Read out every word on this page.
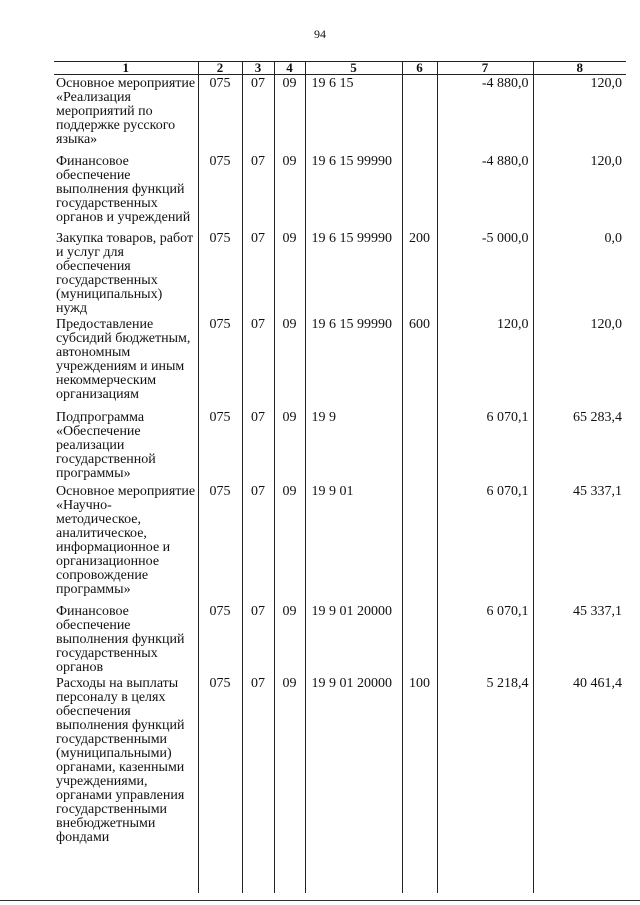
94
1	2	3	4	5	6	7	8
Основное мероприятие «Реализация мероприятий по поддержке русского языка»	075	07	09	19 6 15		-4 880,0	120,0
Финансовое обеспечение выполнения функций государственных органов и учреждений	075	07	09	19 6 15 99990		-4 880,0	120,0
Закупка товаров, работ и услуг для обеспечения государственных (муниципальных) нужд	075	07	09	19 6 15 99990	200	-5 000,0	0,0
Предоставление субсидий бюджетным, автономным учреждениям и иным некоммерческим организациям	075	07	09	19 6 15 99990	600	120,0	120,0
Подпрограмма «Обеспечение реализации государственной программы»	075	07	09	19 9		6 070,1	65 283,4
Основное мероприятие «Научно-методическое, аналитическое, информационное и организационное сопровождение программы»	075	07	09	19 9 01		6 070,1	45 337,1
Финансовое обеспечение выполнения функций государственных органов	075	07	09	19 9 01 20000		6 070,1	45 337,1
Расходы на выплаты персоналу в целях обеспечения выполнения функций государственными (муниципальными) органами, казенными учреждениями, органами управления государственными внебюджетными фондами	075	07	09	19 9 01 20000	100	5 218,4	40 461,4
